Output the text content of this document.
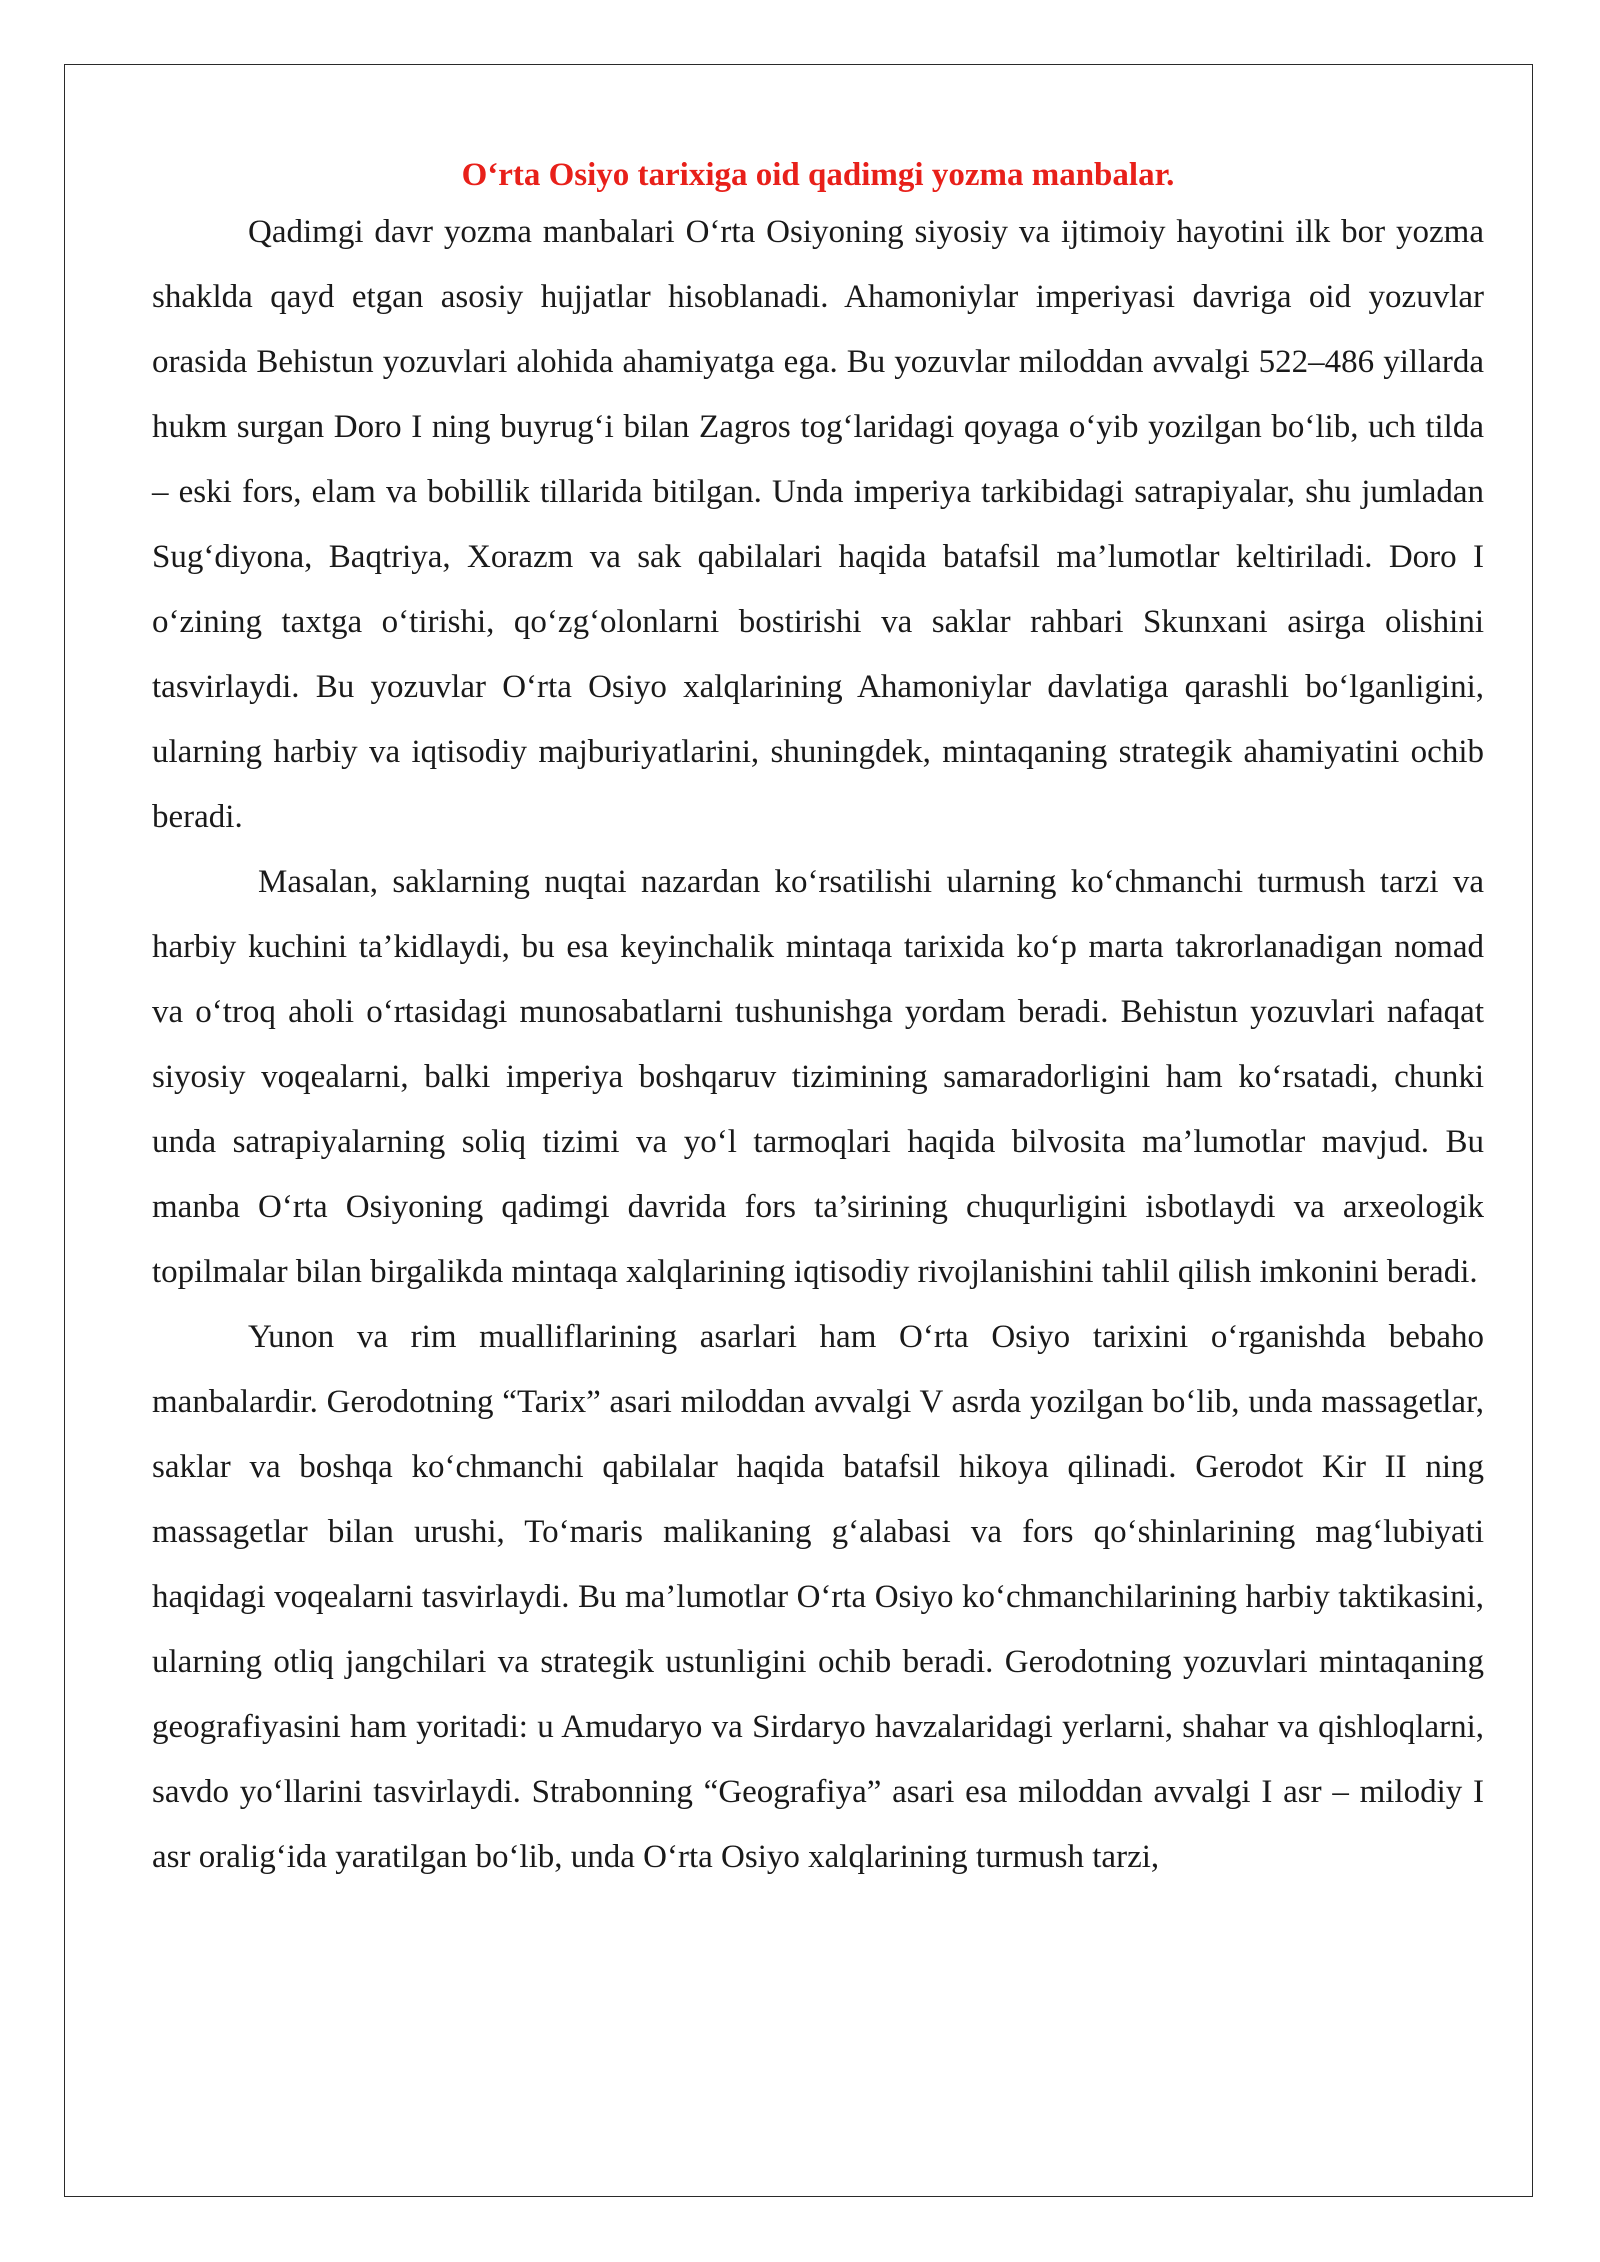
O‘rta Osiyo tarixiga oid qadimgi yozma manbalar.

Qadimgi davr yozma manbalari O‘rta Osiyoning siyosiy va ijtimoiy hayotini ilk bor yozma shaklda qayd etgan asosiy hujjatlar hisoblanadi. Ahamoniylar imperiyasi davriga oid yozuvlar orasida Behistun yozuvlari alohida ahamiyatga ega. Bu yozuvlar miloddan avvalgi 522–486 yillarda hukm surgan Doro I ning buyrug‘i bilan Zagros tog‘laridagi qoyaga o‘yib yozilgan bo‘lib, uch tilda – eski fors, elam va bobillik tillarida bitilgan. Unda imperiya tarkibidagi satrapiyalar, shu jumladan Sug‘diyona, Baqtriya, Xorazm va sak qabilalari haqida batafsil ma’lumotlar keltiriladi. Doro I o‘zining taxtga o‘tirishi, qo‘zg‘olonlarni bostirishi va saklar rahbari Skunxani asirga olishini tasvirlaydi. Bu yozuvlar O‘rta Osiyo xalqlarining Ahamoniylar davlatiga qarashli bo‘lganligini, ularning harbiy va iqtisodiy majburiyatlarini, shuningdek, mintaqaning strategik ahamiyatini ochib beradi.

Masalan, saklarning nuqtai nazardan ko‘rsatilishi ularning ko‘chmanchi turmush tarzi va harbiy kuchini ta’kidlaydi, bu esa keyinchalik mintaqa tarixida ko‘p marta takrorlanadigan nomad va o‘troq aholi o‘rtasidagi munosabatlarni tushunishga yordam beradi. Behistun yozuvlari nafaqat siyosiy voqealarni, balki imperiya boshqaruv tizimining samaradorligini ham ko‘rsatadi, chunki unda satrapiyalarning soliq tizimi va yo‘l tarmoqlari haqida bilvosita ma’lumotlar mavjud. Bu manba O‘rta Osiyoning qadimgi davrida fors ta’sirining chuqurligini isbotlaydi va arxeologik topilmalar bilan birgalikda mintaqa xalqlarining iqtisodiy rivojlanishini tahlil qilish imkonini beradi.

Yunon va rim mualliflarining asarlari ham O‘rta Osiyo tarixini o‘rganishda bebaho manbalardir. Gerodotning “Tarix” asari miloddan avvalgi V asrda yozilgan bo‘lib, unda massagetlar, saklar va boshqa ko‘chmanchi qabilalar haqida batafsil hikoya qilinadi. Gerodot Kir II ning massagetlar bilan urushi, To‘maris malikaning g‘alabasi va fors qo‘shinlarining mag‘lubiyati haqidagi voqealarni tasvirlaydi. Bu ma’lumotlar O‘rta Osiyo ko‘chmanchilarining harbiy taktikasini, ularning otliq jangchilari va strategik ustunligini ochib beradi. Gerodotning yozuvlari mintaqaning geografiyasini ham yoritadi: u Amudaryo va Sirdaryo havzalaridagi yerlarni, shahar va qishloqlarni, savdo yo‘llarini tasvirlaydi. Strabonning “Geografiya” asari esa miloddan avvalgi I asr – milodiy I asr oralig‘ida yaratilgan bo‘lib, unda O‘rta Osiyo xalqlarining turmush tarzi,
